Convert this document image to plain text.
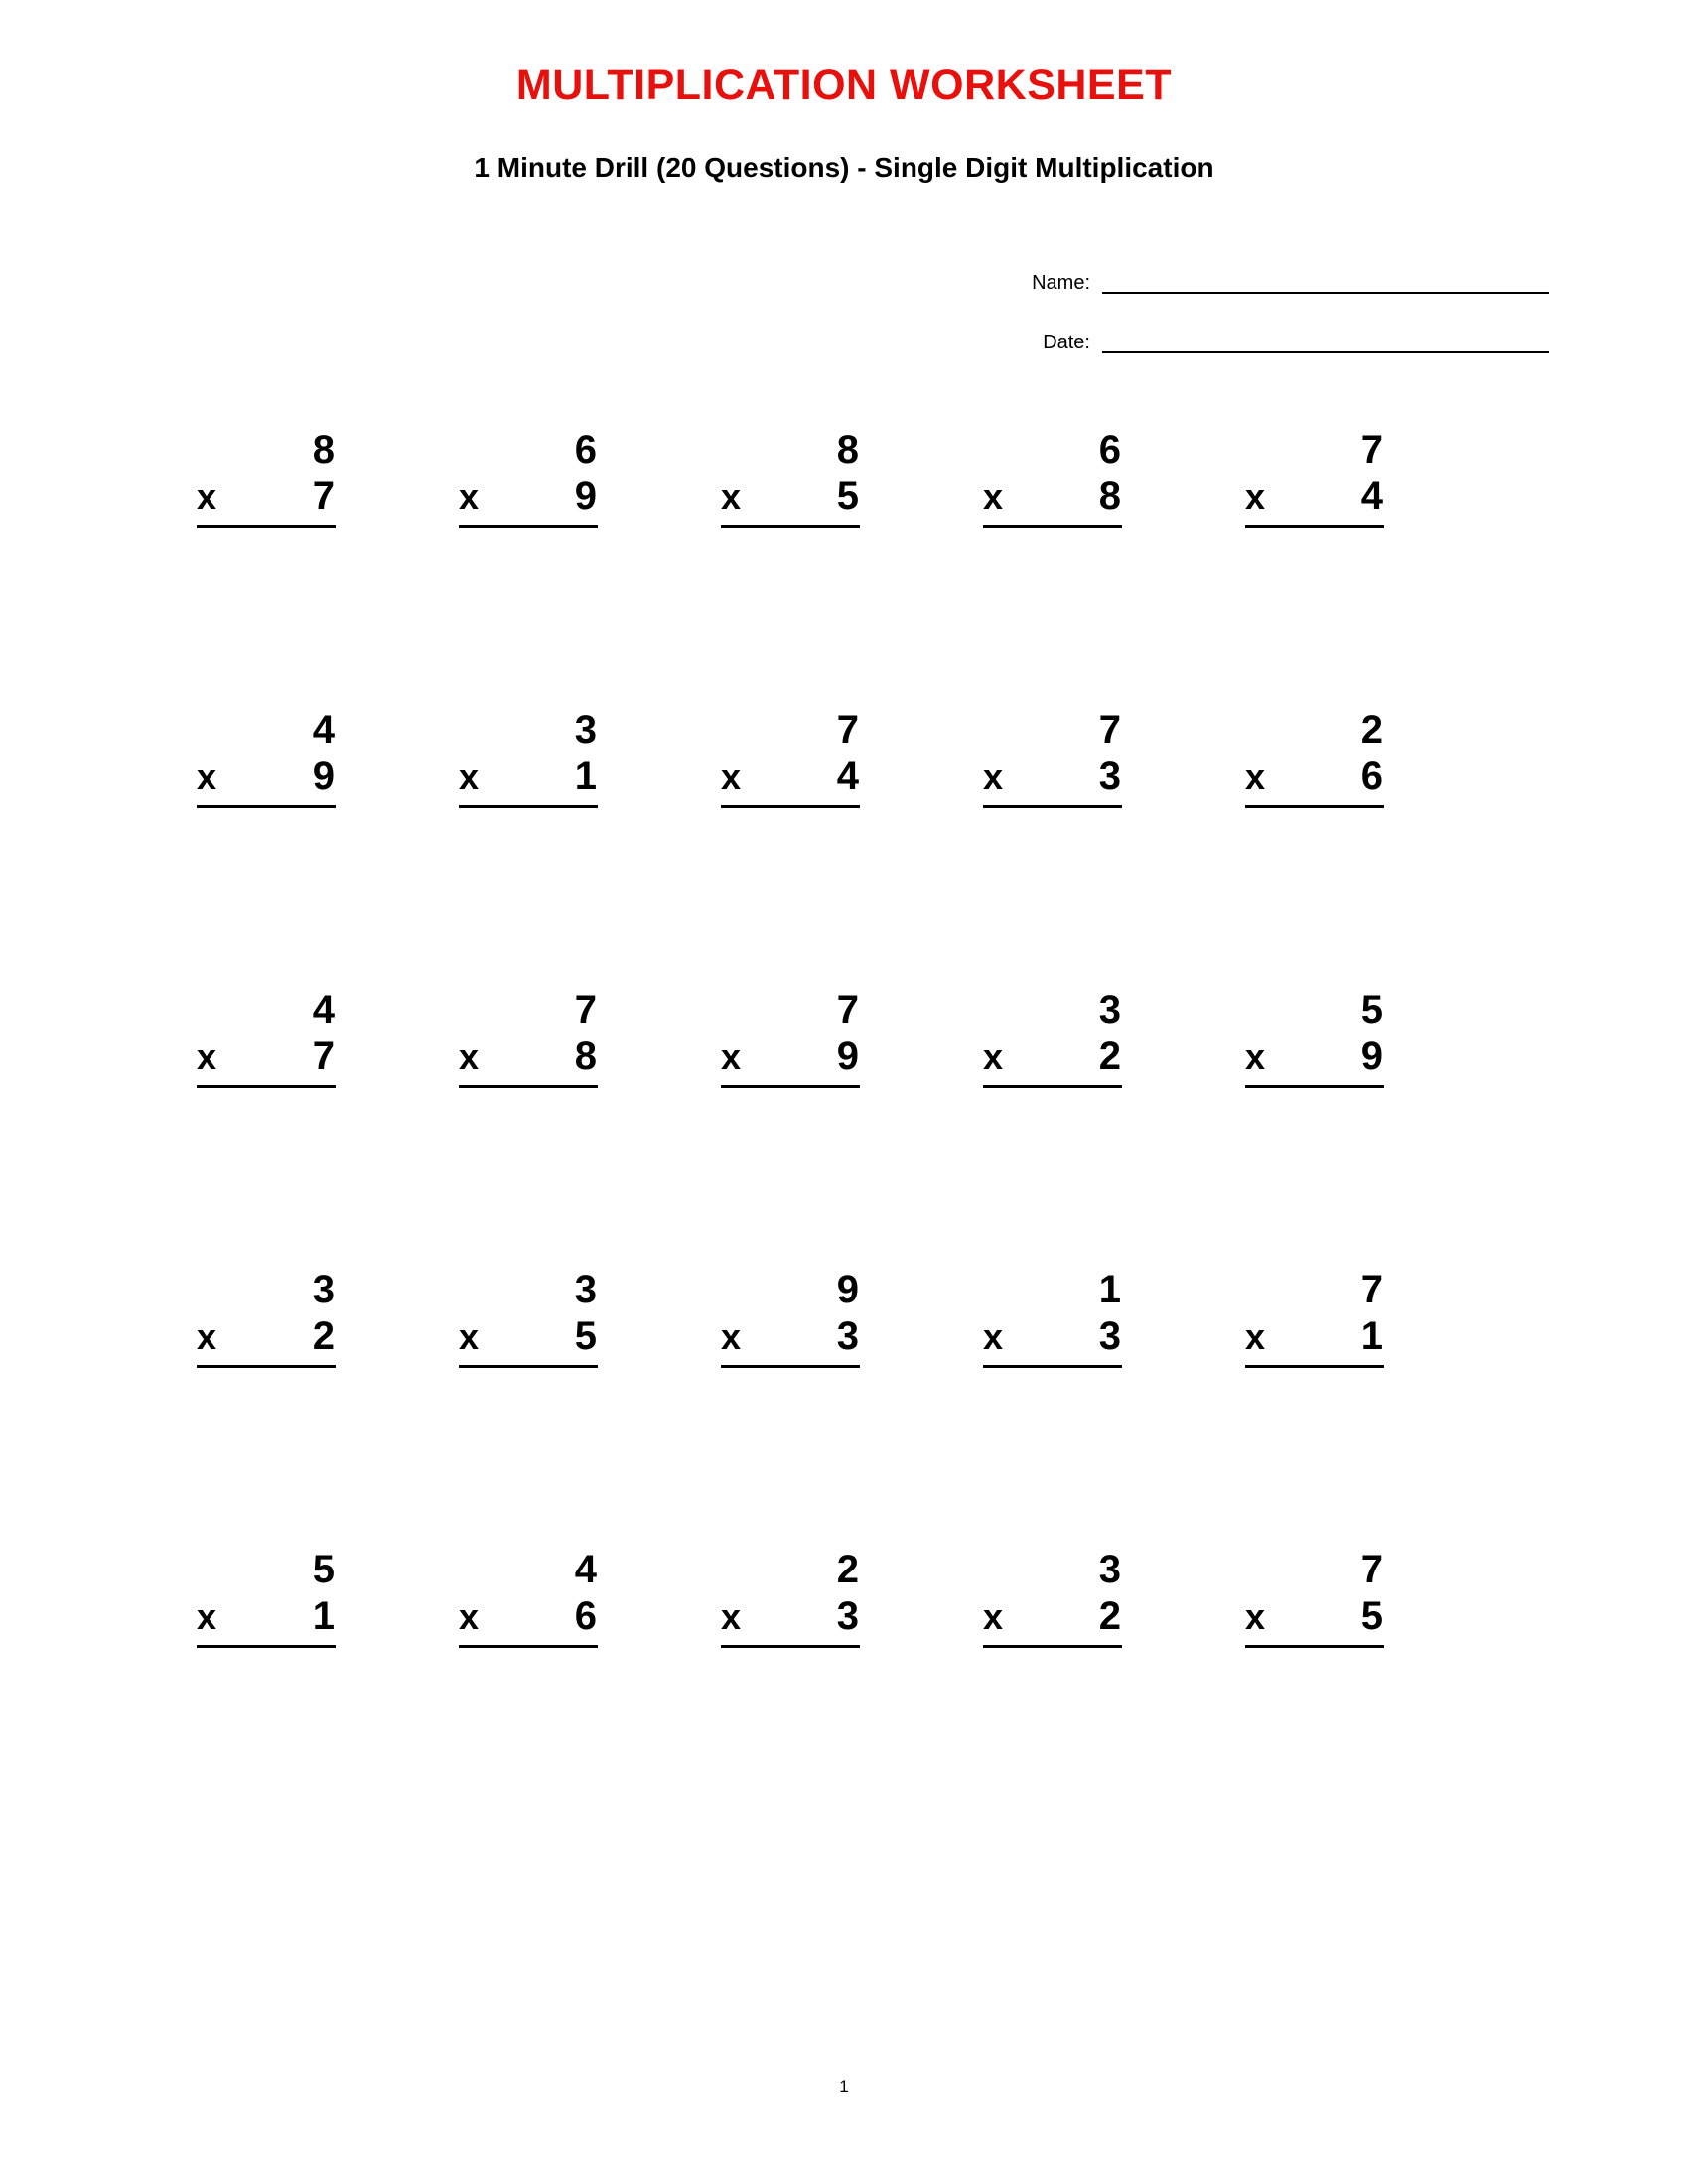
MULTIPLICATION WORKSHEET
1 Minute Drill (20 Questions) - Single Digit Multiplication
Name:
Date:
8
x 7
6
x 9
8
x 5
6
x 8
7
x 4
4
x 9
3
x 1
7
x 4
7
x 3
2
x 6
4
x 7
7
x 8
7
x 9
3
x 2
5
x 9
3
x 2
3
x 5
9
x 3
1
x 3
7
x 1
5
x 1
4
x 6
2
x 3
3
x 2
7
x 5
1
